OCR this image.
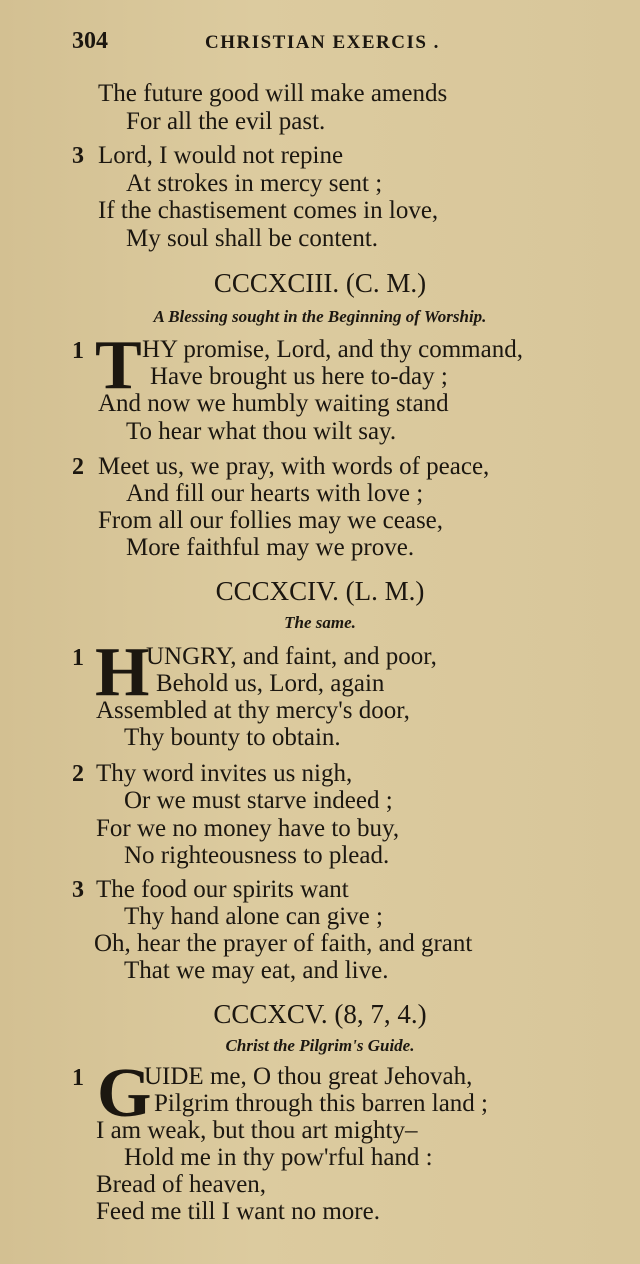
304	CHRISTIAN EXERCIS .
The future good will make amends
For all the evil past.
3 Lord, I would not repine
At strokes in mercy sent ;
If the chastisement comes in love,
My soul shall be content.
CCCXCIII. (C. M.)
A Blessing sought in the Beginning of Worship.
1 T HY promise, Lord, and thy command,
Have brought us here to-day ;
And now we humbly waiting stand
To hear what thou wilt say.
2 Meet us, we pray, with words of peace,
And fill our hearts with love ;
From all our follies may we cease,
More faithful may we prove.
CCCXCIV. (L. M.)
The same.
1 H
UNGRY, and faint, and poor,
Behold us, Lord, again
Assembled at thy mercy's door,
Thy bounty to obtain.
2 Thy word invites us nigh,
Or we must starve indeed ;
For we no money have to buy,
No righteousness to plead.
3 The food our spirits want
Thy hand alone can give ;
Oh, hear the prayer of faith, and grant
That we may eat, and live.
CCCXCV. (8, 7, 4.)
Christ the Pilgrim's Guide.
1 G
UIDE me, O thou great Jehovah,
Pilgrim through this barren land ;
I am weak, but thou art mighty–
Hold me in thy pow'rful hand :
Bread of heaven,
Feed me till I want no more.
